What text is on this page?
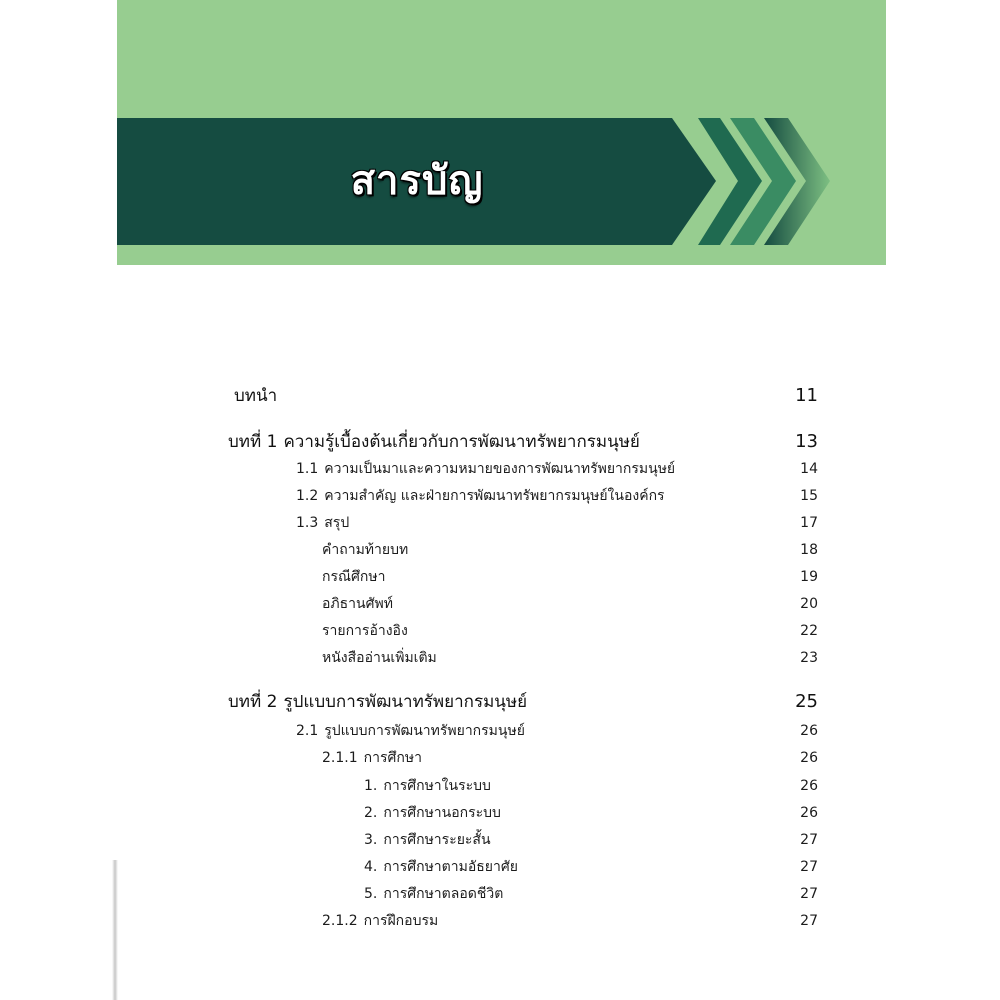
สารบัญ
บทนำ	11
บทที่ 1 ความรู้เบื้องต้นเกี่ยวกับการพัฒนาทรัพยากรมนุษย์	13
1.1 ความเป็นมาและความหมายของการพัฒนาทรัพยากรมนุษย์	14
1.2 ความสำคัญ และฝ่ายการพัฒนาทรัพยากรมนุษย์ในองค์กร	15
1.3 สรุป	17
คำถามท้ายบท	18
กรณีศึกษา	19
อภิธานศัพท์	20
รายการอ้างอิง	22
หนังสืออ่านเพิ่มเติม	23
บทที่ 2 รูปแบบการพัฒนาทรัพยากรมนุษย์	25
2.1 รูปแบบการพัฒนาทรัพยากรมนุษย์	26
2.1.1 การศึกษา	26
1. การศึกษาในระบบ	26
2. การศึกษานอกระบบ	26
3. การศึกษาระยะสั้น	27
4. การศึกษาตามอัธยาศัย	27
5. การศึกษาตลอดชีวิต	27
2.1.2 การฝึกอบรม	27
